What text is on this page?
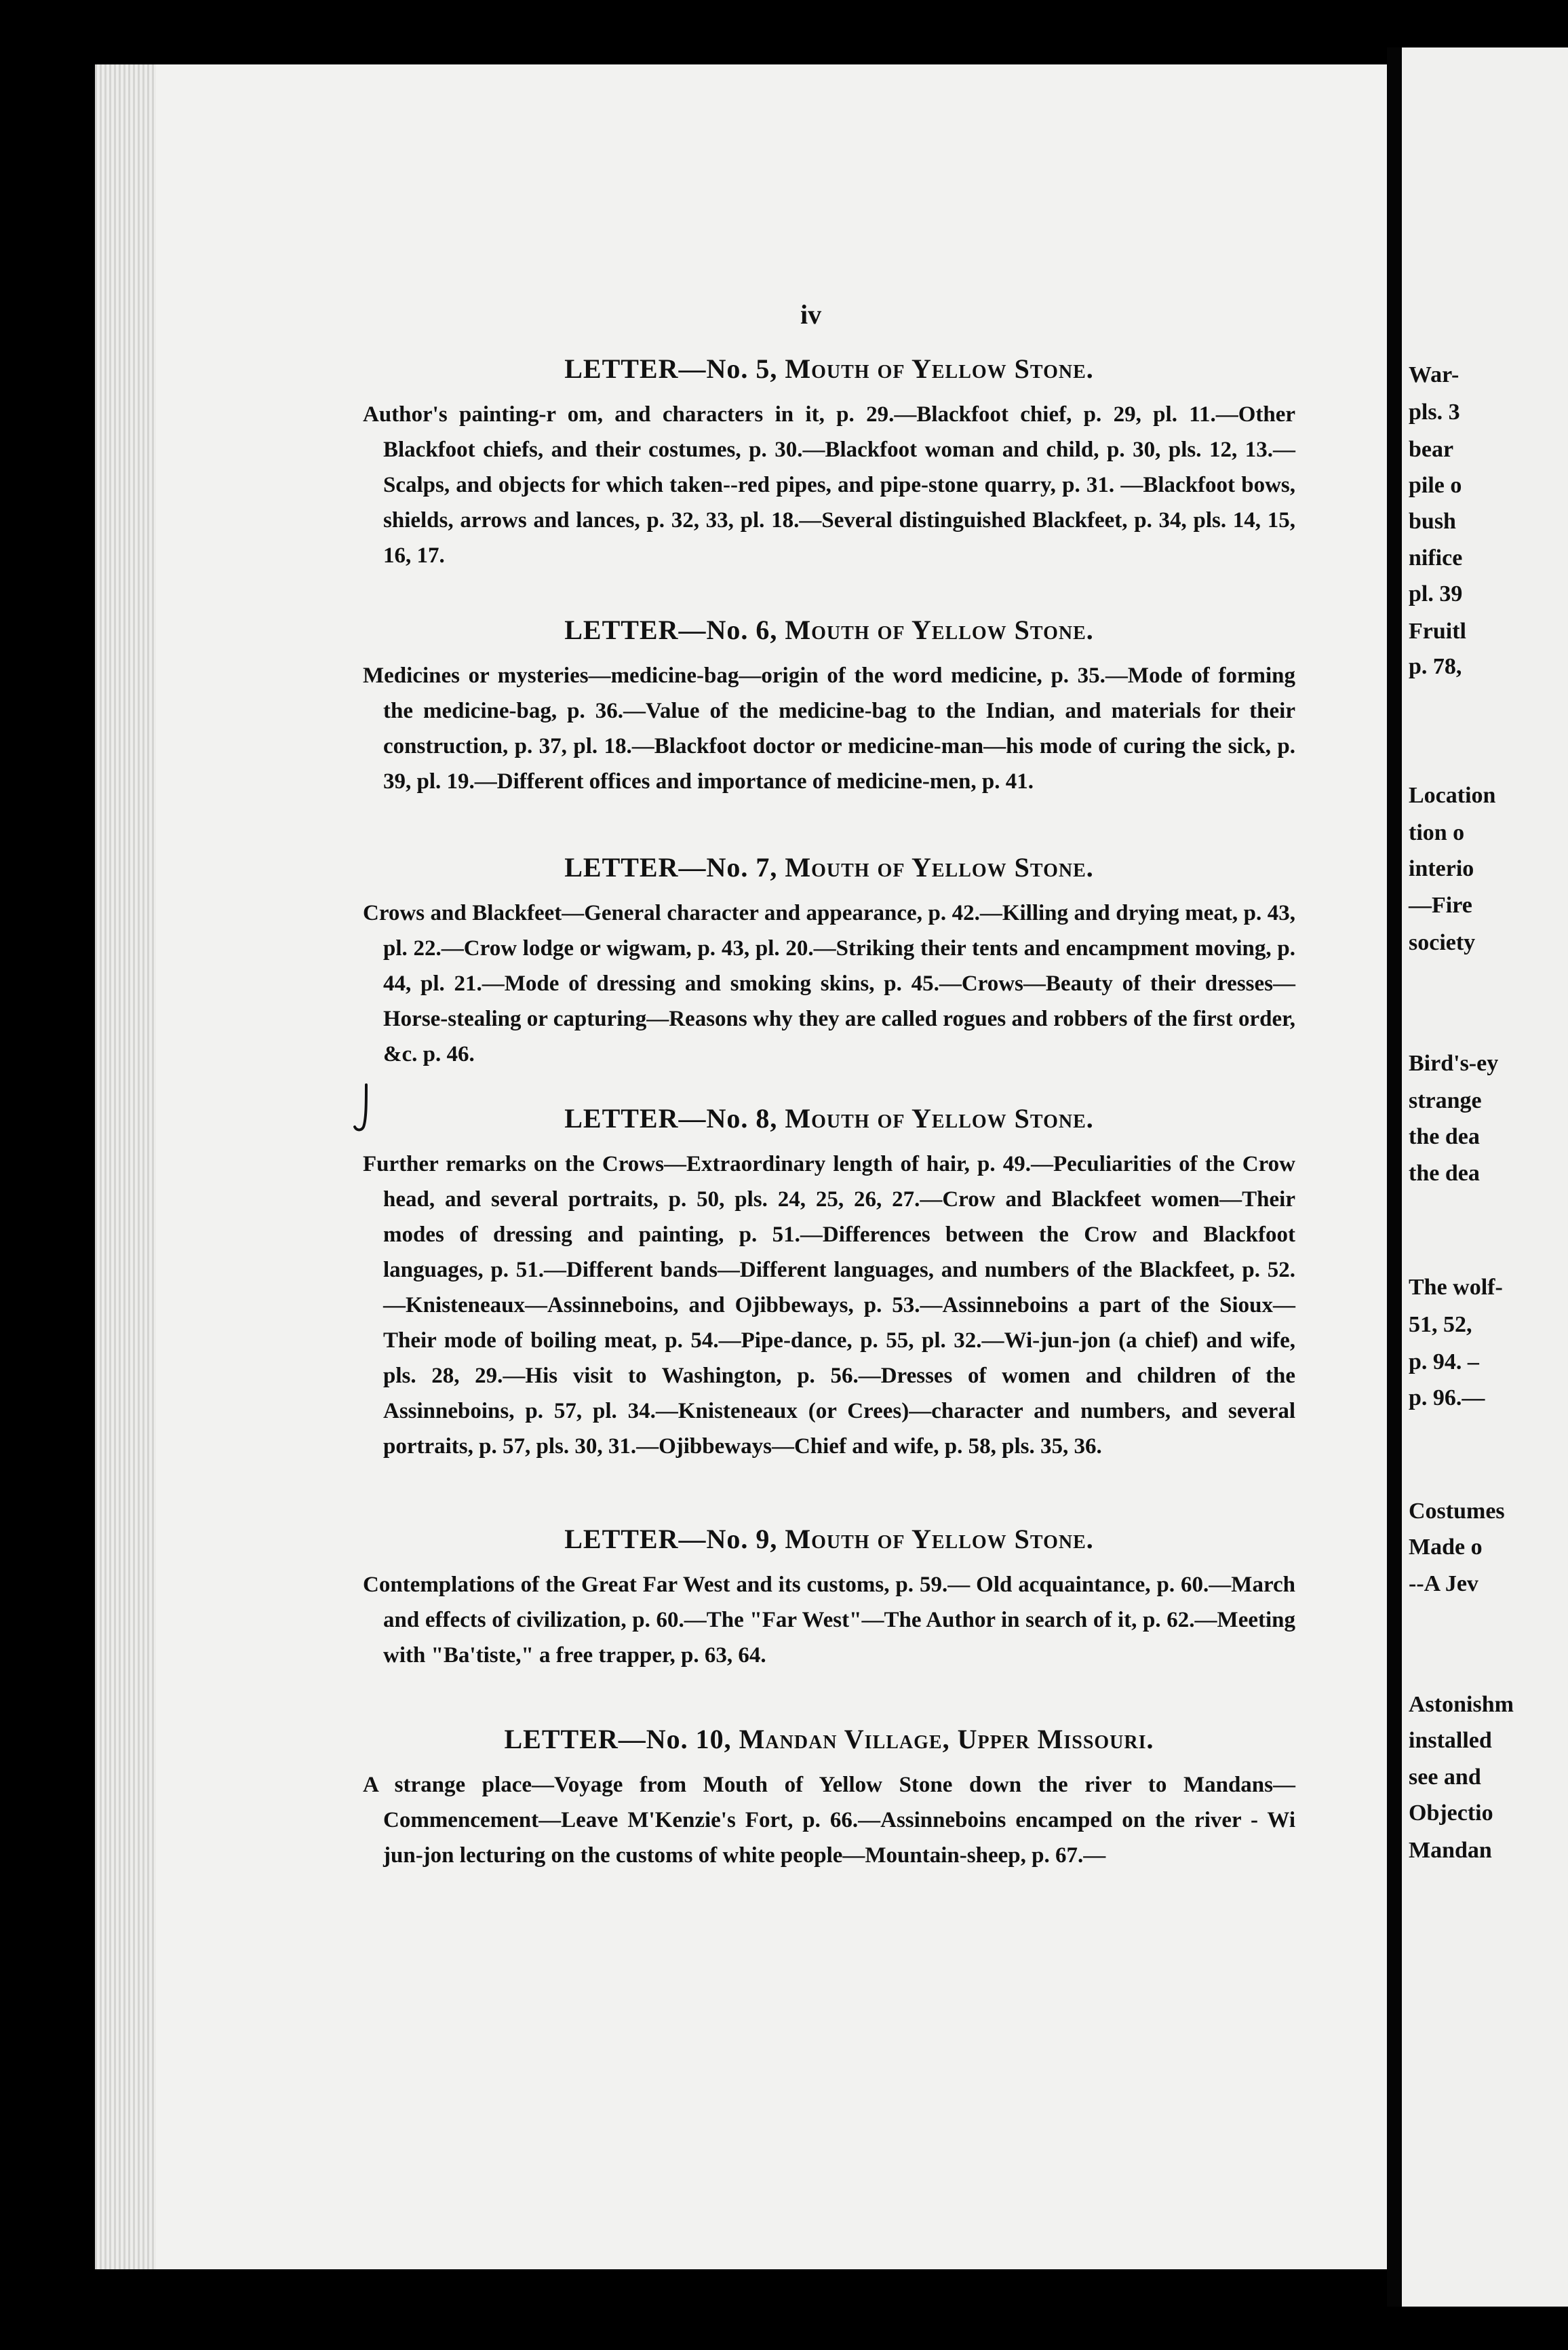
War-
pls. 3
bear
pile o
bush
nifice
pl. 39
Fruitl
p. 78,
Location
tion o
interio
—Fire
society
Bird's-ey
strange
the dea
the dea
The wolf-
51, 52,
p. 94. –
p. 96.—
Costumes
Made o
--A Jev
Astonishm
installed
see and
Objectio
Mandan
iv
LETTER—No. 5, Mouth of Yellow Stone.

Author's painting-r om, and characters in it, p. 29.—Blackfoot chief, p. 29, pl. 11.—Other Blackfoot chiefs, and their costumes, p. 30.—Blackfoot woman and child, p. 30, pls. 12, 13.—Scalps, and objects for which taken--red pipes, and pipe-stone quarry, p. 31. —Blackfoot bows, shields, arrows and lances, p. 32, 33, pl. 18.—Several distinguished Blackfeet, p. 34, pls. 14, 15, 16, 17.

LETTER—No. 6, Mouth of Yellow Stone.

Medicines or mysteries—medicine-bag—origin of the word medicine, p. 35.—Mode of forming the medicine-bag, p. 36.—Value of the medicine-bag to the Indian, and materials for their construction, p. 37, pl. 18.—Blackfoot doctor or medicine-man—his mode of curing the sick, p. 39, pl. 19.—Different offices and importance of medicine-men, p. 41.

LETTER—No. 7, Mouth of Yellow Stone.

Crows and Blackfeet—General character and appearance, p. 42.—Killing and drying meat, p. 43, pl. 22.—Crow lodge or wigwam, p. 43, pl. 20.—Striking their tents and encampment moving, p. 44, pl. 21.—Mode of dressing and smoking skins, p. 45.—Crows—Beauty of their dresses—Horse-stealing or capturing—Reasons why they are called rogues and robbers of the first order, &c. p. 46.

LETTER—No. 8, Mouth of Yellow Stone.

Further remarks on the Crows—Extraordinary length of hair, p. 49.—Peculiarities of the Crow head, and several portraits, p. 50, pls. 24, 25, 26, 27.—Crow and Blackfeet women—Their modes of dressing and painting, p. 51.—Differences between the Crow and Blackfoot languages, p. 51.—Different bands—Different languages, and numbers of the Blackfeet, p. 52.—Knisteneaux—Assinneboins, and Ojibbeways, p. 53.—Assinneboins a part of the Sioux—Their mode of boiling meat, p. 54.—Pipe-dance, p. 55, pl. 32.—Wi-jun-jon (a chief) and wife, pls. 28, 29.—His visit to Washington, p. 56.—Dresses of women and children of the Assinneboins, p. 57, pl. 34.—Knisteneaux (or Crees)—character and numbers, and several portraits, p. 57, pls. 30, 31.—Ojibbeways—Chief and wife, p. 58, pls. 35, 36.

LETTER—No. 9, Mouth of Yellow Stone.

Contemplations of the Great Far West and its customs, p. 59.— Old acquaintance, p. 60.—March and effects of civilization, p. 60.—The "Far West"—The Author in search of it, p. 62.—Meeting with "Ba'tiste," a free trapper, p. 63, 64.

LETTER—No. 10, Mandan Village, Upper Missouri.

A strange place—Voyage from Mouth of Yellow Stone down the river to Mandans—Commencement—Leave M'Kenzie's Fort, p. 66.—Assinneboins encamped on the river - Wi jun-jon lecturing on the customs of white people—Mountain-sheep, p. 67.—
